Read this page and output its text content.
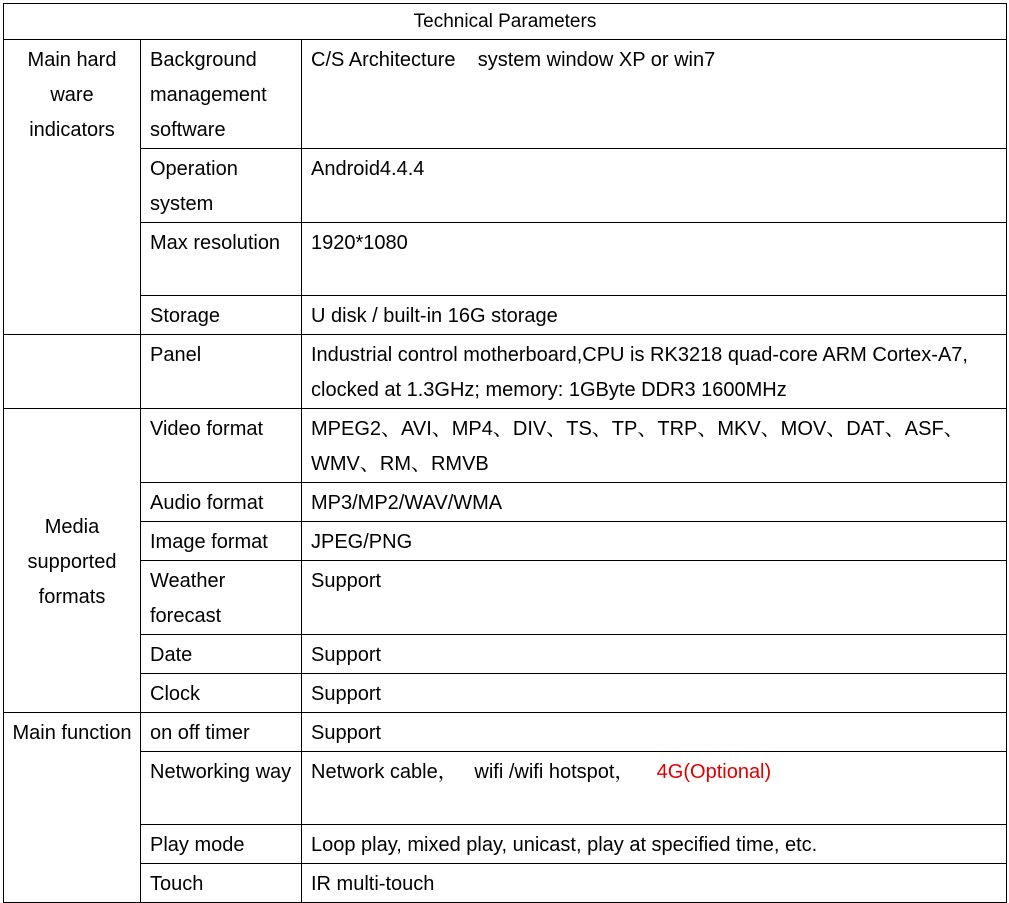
Technical Parameters		
Main hard ware indicators	Background management software	C/S Architecture    system window XP or win7
	Operation system	Android4.4.4
	Max resolution	1920*1080
	Storage	U disk / built-in 16G storage
	Panel	Industrial control motherboard,CPU is RK3218 quad-core ARM Cortex-A7, clocked at 1.3GHz; memory: 1GByte DDR3 1600MHz
Media supported formats	Video format	MPEG2、AVI、MP4、DIV、TS、TP、TRP、MKV、MOV、DAT、ASF、WMV、RM、RMVB
	Audio format	MP3/MP2/WAV/WMA
	Image format	JPEG/PNG
	Weather forecast	Support
	Date	Support
	Clock	Support
Main function	on off timer	Support
	Networking way	Network cable，   wifi /wifi hotspot，    4G(Optional)
	Play mode	Loop play, mixed play, unicast, play at specified time, etc.
	Touch	IR multi-touch
